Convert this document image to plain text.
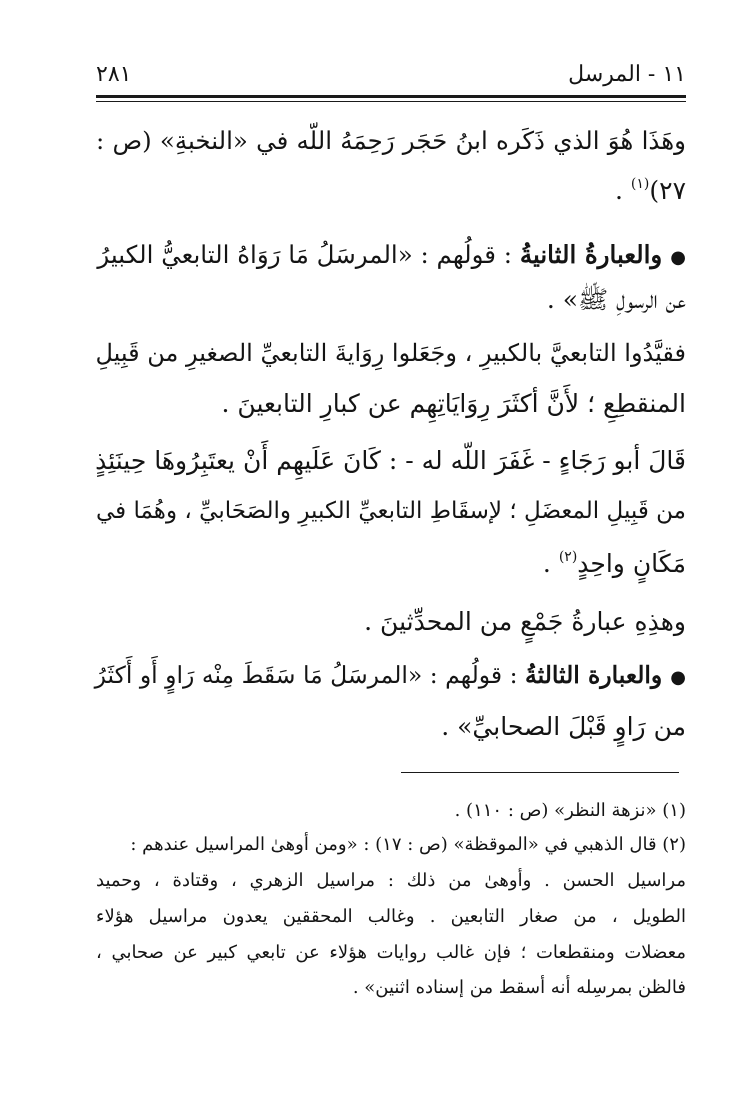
١١ - المرسل
٢٨١
وهَذَا هُوَ الذي ذَكَره ابنُ حَجَر رَحِمَهُ اللّه في «النخبةِ» (ص :
٢٧)$^{(١)}$ .
●والعبارةُ الثانيةُ : قولُهم : «المرسَلُ مَا رَوَاهُ التابعيُّ الكبيرُ
عن الرسولِ ﷺ» .
فقيَّدُوا التابعيَّ بالكبيرِ ، وجَعَلوا رِوَايةَ التابعيِّ الصغيرِ من قَبِيلِ
المنقطِعِ ؛ لأَنَّ أكثَرَ رِوَايَاتِهِم عن كبارِ التابعينَ .
قَالَ أبو رَجَاءٍ - غَفَرَ اللّه له - : كَانَ عَلَيهِم أَنْ يعتَبِرُوهَا حِينَئِذٍ
من قَبِيلِ المعضَلِ ؛ لإسقَاطِ التابعيِّ الكبيرِ والصَحَابيِّ ، وهُمَا في
مَكَانٍ واحِدٍ$^{(٢)}$ .
وهذِهِ عبارةُ جَمْعٍ من المحدِّثينَ .
●والعبارة الثالثةُ : قولُهم : «المرسَلُ مَا سَقَطَ مِنْه رَاوٍ أَو أَكثَرُ
من رَاوٍ قَبْلَ الصحابيِّ» .
(١) «نزهة النظر» (ص : ١١٠) .
(٢) قال الذهبي في «الموقظة» (ص : ١٧) : «ومن أوهىٰ المراسيل عندهم :
مراسيل الحسن . وأوهىٰ من ذلك : مراسيل الزهري ، وقتادة ، وحميد
الطويل ، من صغار التابعين . وغالب المحققين يعدون مراسيل هؤلاء
معضلات ومنقطعات ؛ فإن غالب روايات هؤلاء عن تابعي كبير عن صحابي ،
فالظن بمرسِله أنه أسقط من إسناده اثنين» .
